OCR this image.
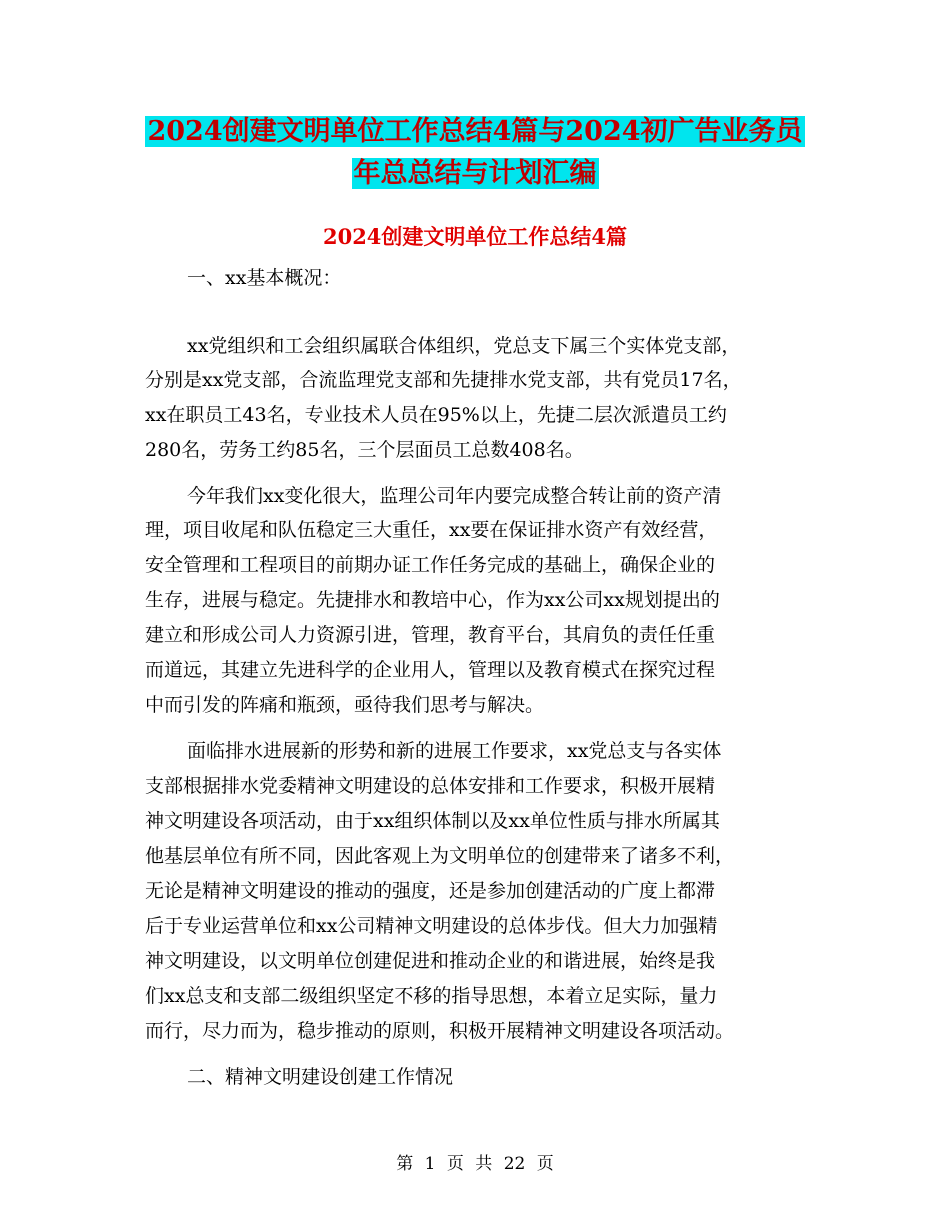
2024创建文明单位工作总结4篇与2024初广告业务员
年总总结与计划汇编
2024创建文明单位工作总结4篇
一、xx基本概况：
xx党组织和工会组织属联合体组织，党总支下属三个实体党支部，
分别是xx党支部，合流监理党支部和先捷排水党支部，共有党员17名，
xx在职员工43名，专业技术人员在95%以上，先捷二层次派遣员工约
280名，劳务工约85名，三个层面员工总数408名。
今年我们xx变化很大，监理公司年内要完成整合转让前的资产清
理，项目收尾和队伍稳定三大重任，xx要在保证排水资产有效经营，
安全管理和工程项目的前期办证工作任务完成的基础上，确保企业的
生存，进展与稳定。先捷排水和教培中心，作为xx公司xx规划提出的
建立和形成公司人力资源引进，管理，教育平台，其肩负的责任任重
而道远，其建立先进科学的企业用人，管理以及教育模式在探究过程
中而引发的阵痛和瓶颈，亟待我们思考与解决。
面临排水进展新的形势和新的进展工作要求，xx党总支与各实体
支部根据排水党委精神文明建设的总体安排和工作要求，积极开展精
神文明建设各项活动，由于xx组织体制以及xx单位性质与排水所属其
他基层单位有所不同，因此客观上为文明单位的创建带来了诸多不利，
无论是精神文明建设的推动的强度，还是参加创建活动的广度上都滞
后于专业运营单位和xx公司精神文明建设的总体步伐。但大力加强精
神文明建设，以文明单位创建促进和推动企业的和谐进展，始终是我
们xx总支和支部二级组织坚定不移的指导思想，本着立足实际，量力
而行，尽力而为，稳步推动的原则，积极开展精神文明建设各项活动。
二、精神文明建设创建工作情况
第 1 页 共 22 页
